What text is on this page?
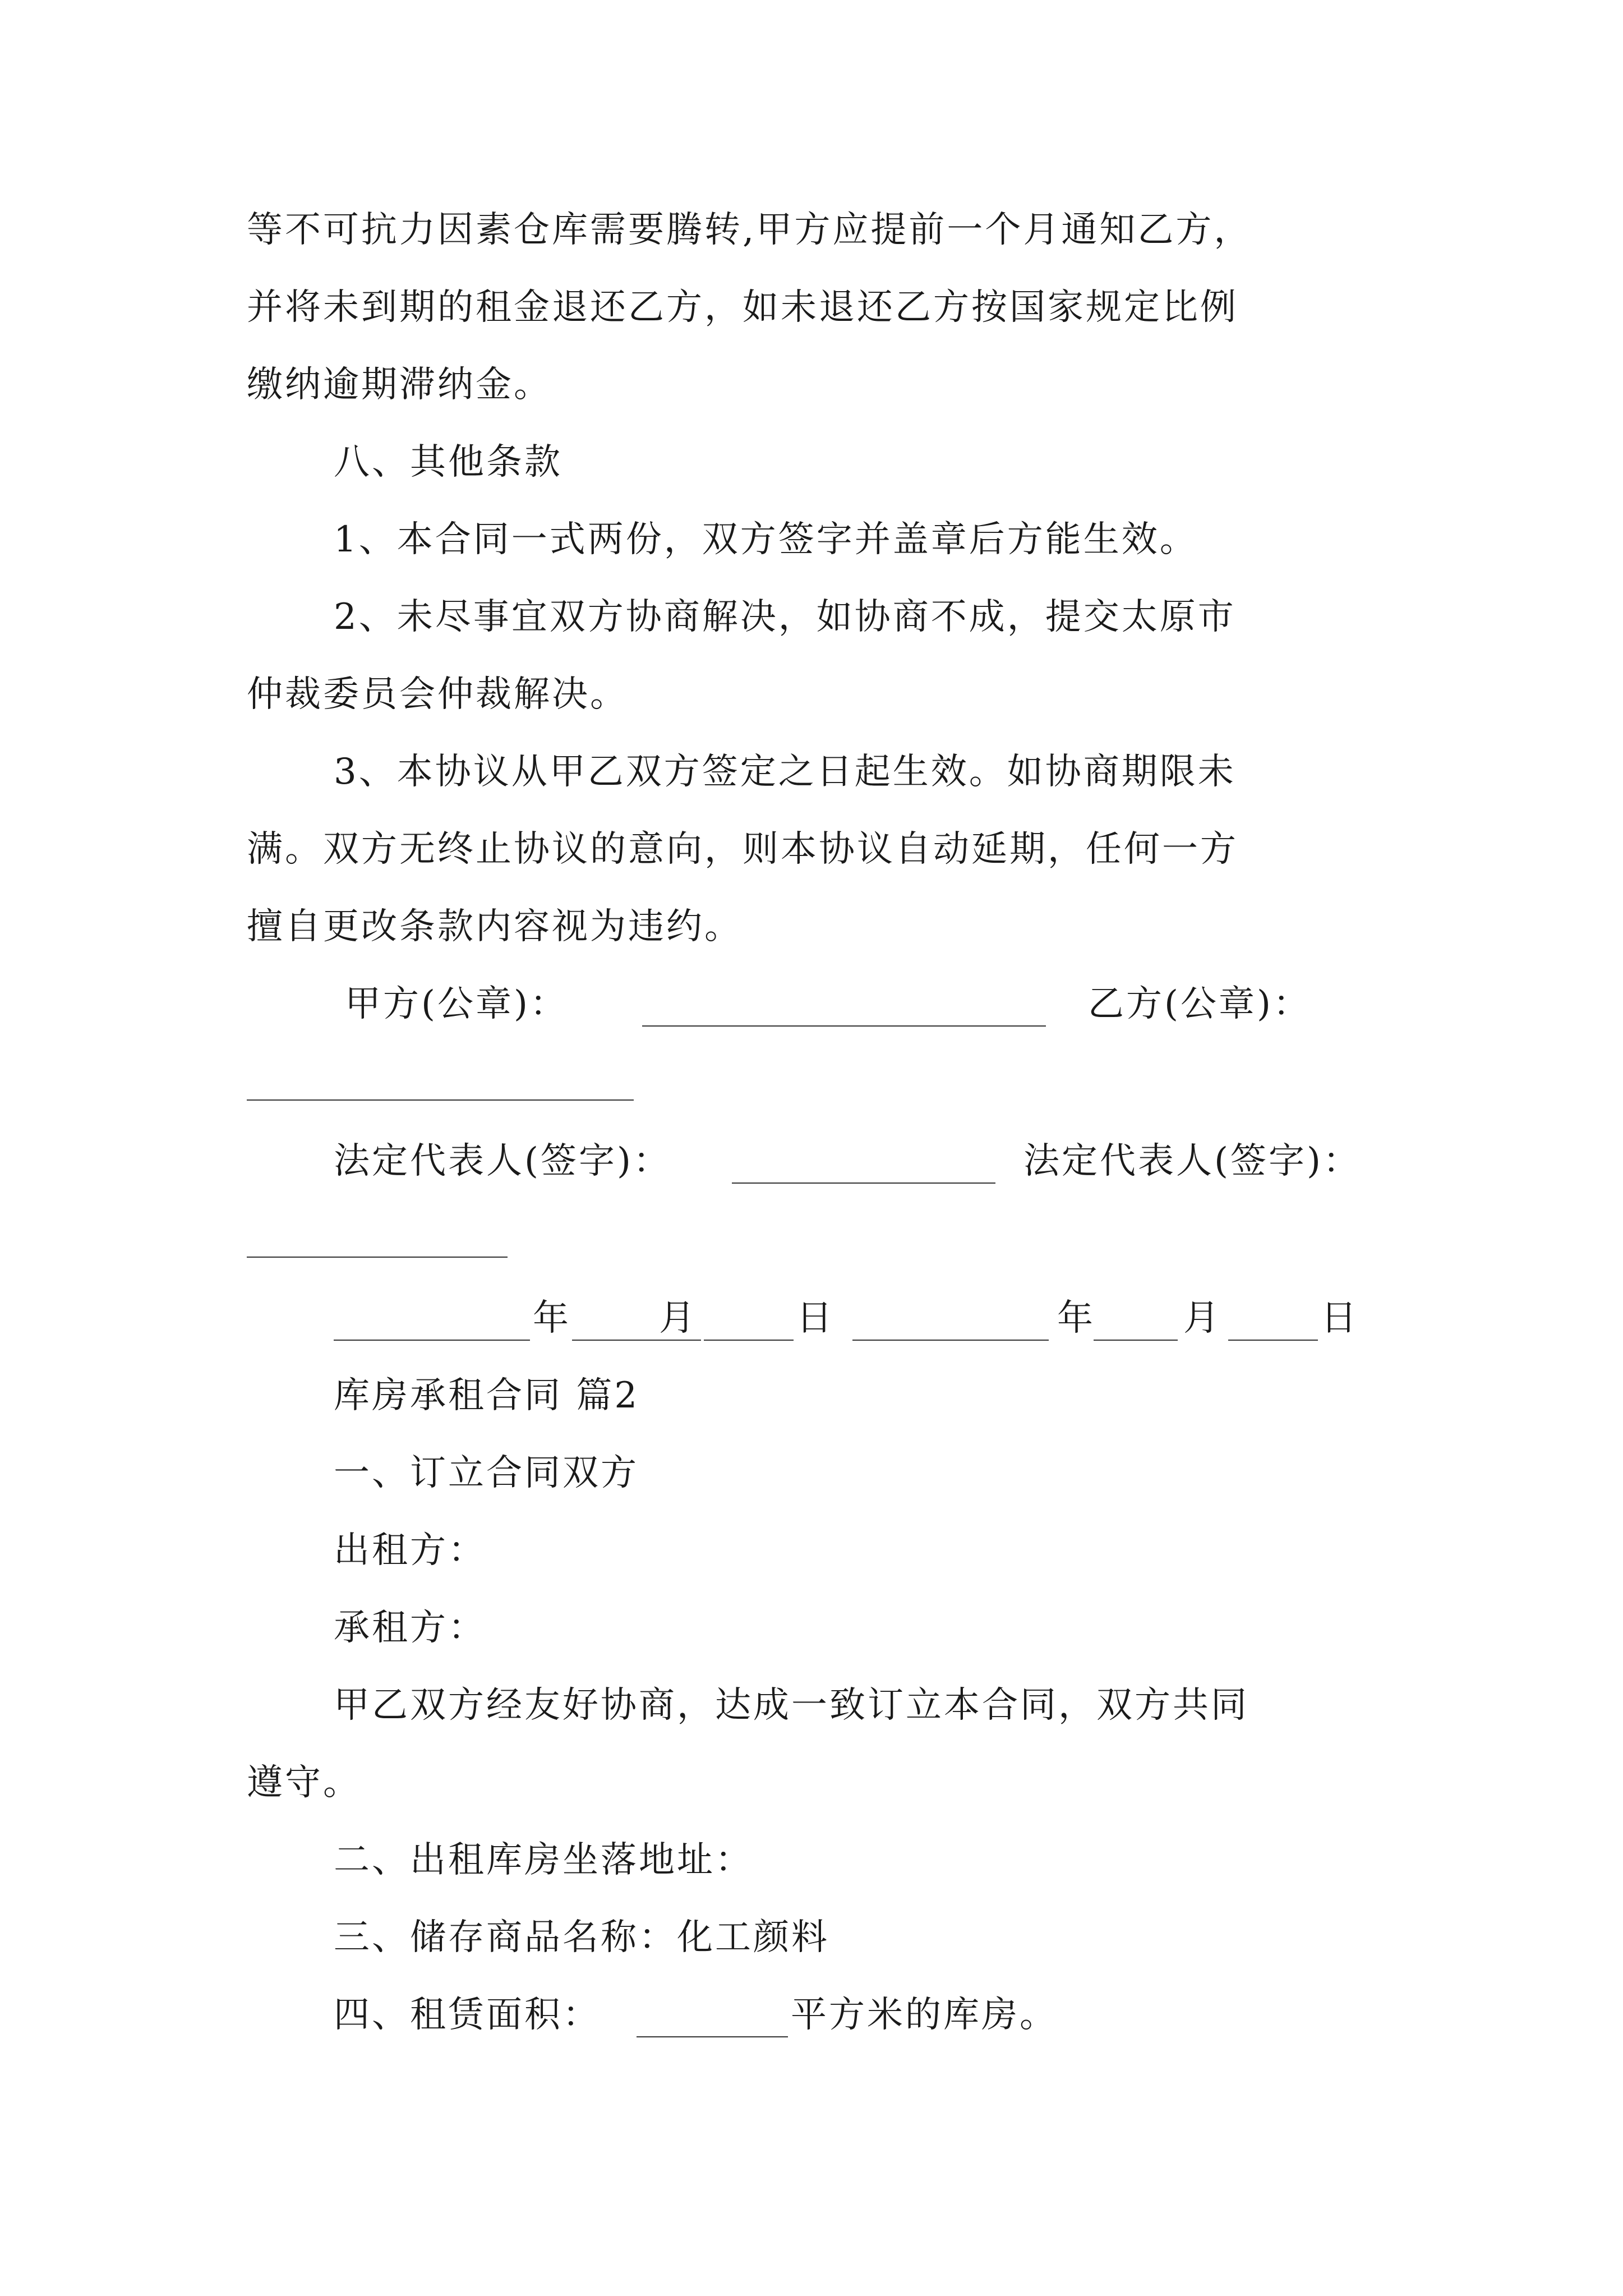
等不可抗力因素仓库需要腾转,甲方应提前一个月通知乙方，
并将未到期的租金退还乙方，如未退还乙方按国家规定比例
缴纳逾期滞纳金。
八、其他条款
1、本合同一式两份，双方签字并盖章后方能生效。
2、未尽事宜双方协商解决，如协商不成，提交太原市
仲裁委员会仲裁解决。
3、本协议从甲乙双方签定之日起生效。如协商期限未
满。双方无终止协议的意向，则本协议自动延期，任何一方
擅自更改条款内容视为违约。
甲方(公章)：	乙方(公章)：
法定代表人(签字)：	法定代表人(签字)：
年 月	日	年 月	日
库房承租合同 篇2
一、订立合同双方
出租方：
承租方：
甲乙双方经友好协商，达成一致订立本合同，双方共同
遵守。
二、出租库房坐落地址：
三、储存商品名称：化工颜料
四、租赁面积：	平方米的库房。
